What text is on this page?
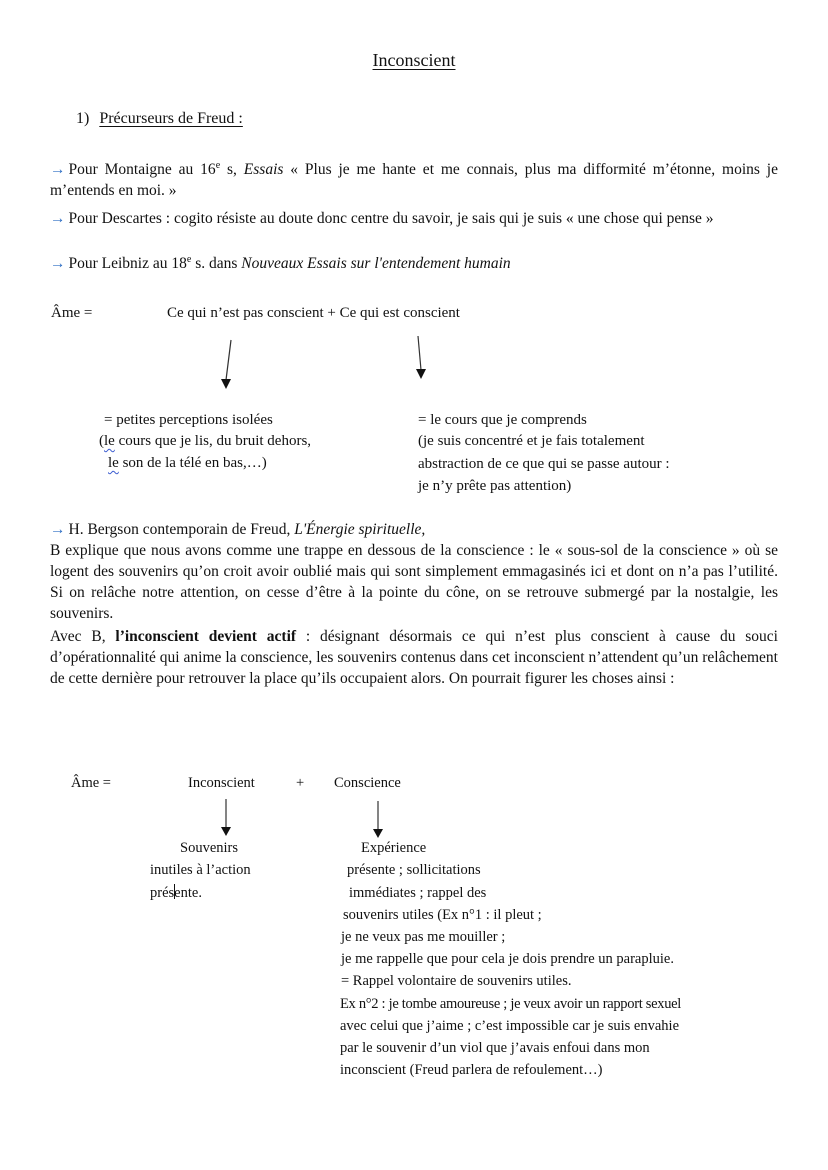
Inconscient
1) Précurseurs de Freud :
→ Pour Montaigne au 16e s, Essais « Plus je me hante et me connais, plus ma difformité m’étonne, moins je m’entends en moi. »
→ Pour Descartes : cogito résiste au doute donc centre du savoir, je sais qui je suis « une chose qui pense »
→ Pour Leibniz au 18e s. dans Nouveaux Essais sur l'entendement humain
Âme =	Ce qui n’est pas conscient + Ce qui est conscient
= petites perceptions isolées
(le cours que je lis, du bruit dehors,
le son de la télé en bas,…)
= le cours que je comprends
(je suis concentré et je fais totalement
abstraction de ce que qui se passe autour :
je n’y prête pas attention)
→ H. Bergson contemporain de Freud, L'Énergie spirituelle,
B explique que nous avons comme une trappe en dessous de la conscience : le « sous-sol de la conscience » où se logent des souvenirs qu’on croit avoir oublié mais qui sont simplement emmagasinés ici et dont on n’a pas l’utilité. Si on relâche notre attention, on cesse d’être à la pointe du cône, on se retrouve submergé par la nostalgie, les souvenirs.
Avec B, l’inconscient devient actif : désignant désormais ce qui n’est plus conscient à cause du souci d’opérationnalité qui anime la conscience, les souvenirs contenus dans cet inconscient n’attendent qu’un relâchement de cette dernière pour retrouver la place qu’ils occupaient alors. On pourrait figurer les choses ainsi :
Âme =	Inconscient	+ Conscience
Souvenirs
inutiles à l’action
présente.
Expérience
présente ; sollicitations
immédiates ; rappel des
souvenirs utiles (Ex n°1 : il pleut ;
je ne veux pas me mouiller ;
je me rappelle que pour cela je dois prendre un parapluie.
= Rappel volontaire de souvenirs utiles.
Ex n°2 : je tombe amoureuse ; je veux avoir un rapport sexuel
avec celui que j’aime ; c’est impossible car je suis envahie
par le souvenir d’un viol que j’avais enfoui dans mon
inconscient (Freud parlera de refoulement…)
